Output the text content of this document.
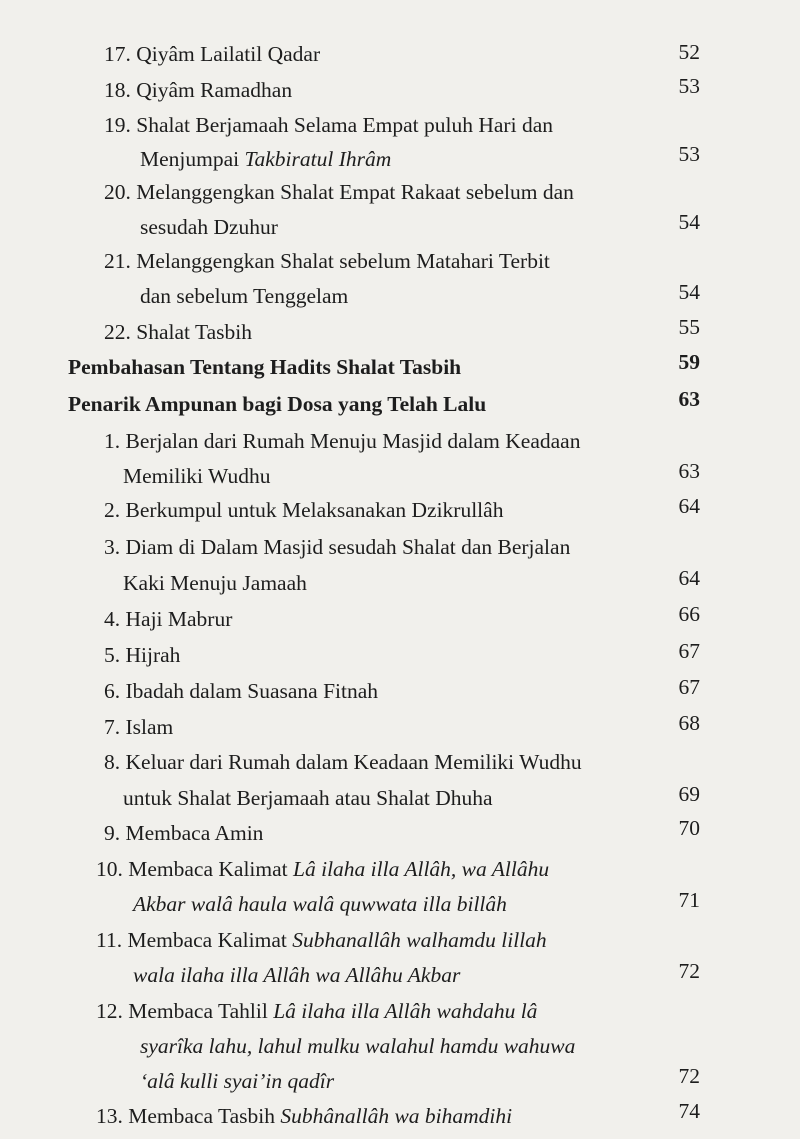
17. Qiyâm Lailatil Qadar	52
18. Qiyâm Ramadhan	53
19. Shalat Berjamaah Selama Empat puluh Hari dan
Menjumpai Takbiratul Ihrâm	53
20. Melanggengkan Shalat Empat Rakaat sebelum dan
sesudah Dzuhur	54
21. Melanggengkan Shalat sebelum Matahari Terbit
dan sebelum Tenggelam	54
22. Shalat Tasbih	55
Pembahasan Tentang Hadits Shalat Tasbih	59
Penarik Ampunan bagi Dosa yang Telah Lalu	63
1. Berjalan dari Rumah Menuju Masjid dalam Keadaan
Memiliki Wudhu	63
2. Berkumpul untuk Melaksanakan Dzikrullâh	64
3. Diam di Dalam Masjid sesudah Shalat dan Berjalan
Kaki Menuju Jamaah	64
4. Haji Mabrur	66
5. Hijrah	67
6. Ibadah dalam Suasana Fitnah	67
7. Islam	68
8. Keluar dari Rumah dalam Keadaan Memiliki Wudhu
untuk Shalat Berjamaah atau Shalat Dhuha	69
9. Membaca Amin	70
10. Membaca Kalimat Lâ ilaha illa Allâh, wa Allâhu
Akbar walâ haula walâ quwwata illa billâh	71
11. Membaca Kalimat Subhanallâh walhamdu lillah
wala ilaha illa Allâh wa Allâhu Akbar	72
12. Membaca Tahlil Lâ ilaha illa Allâh wahdahu lâ
syarîka lahu, lahul mulku walahul hamdu wahuwa
‘alâ kulli syai’in qadîr	72
13. Membaca Tasbih Subhânallâh wa bihamdihi	74
